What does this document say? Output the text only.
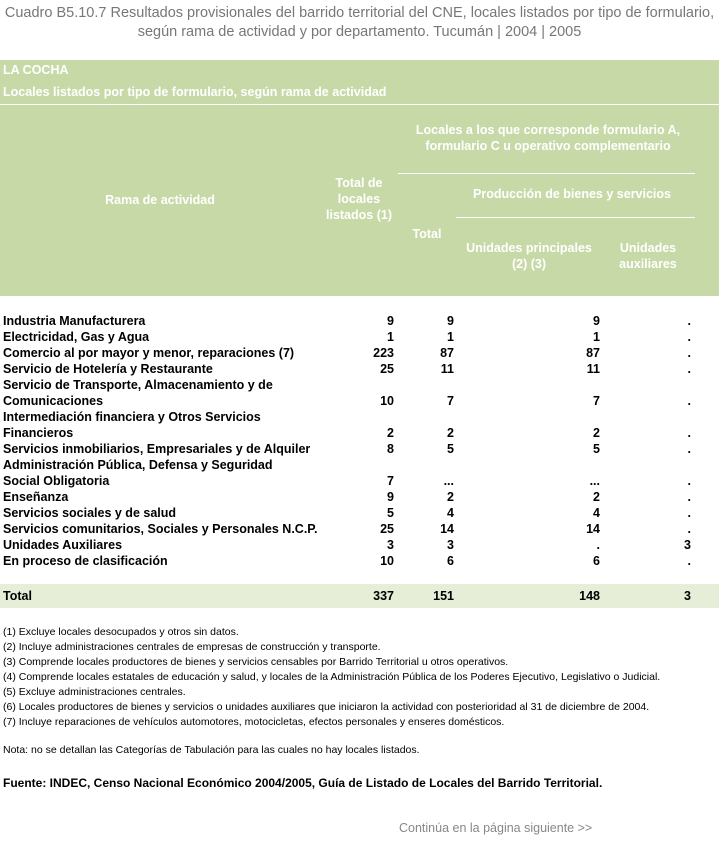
Cuadro B5.10.7 Resultados provisionales del barrido territorial del CNE, locales listados por tipo de formulario,
según rama de actividad y por departamento. Tucumán | 2004 | 2005
LA COCHA
Locales listados por tipo de formulario, según rama de actividad
Rama de actividad
Total de
locales
listados (1)
Locales a los que corresponde formulario A,
formulario C u operativo complementario
Total
Producción de bienes y servicios
Unidades principales
(2) (3)
Unidades
auxiliares
Industria Manufacturera	9	9	9	.
Electricidad, Gas y Agua	1	1	1	.
Comercio al por mayor y menor, reparaciones (7)	223	87	87	.
Servicio de Hotelería y Restaurante	25	11	11	.
Servicio de Transporte, Almacenamiento y de Comunicaciones	10	7	7	.
Intermediación financiera y Otros Servicios Financieros	2	2	2	.
Servicios inmobiliarios, Empresariales y de Alquiler	8	5	5	.
Administración Pública, Defensa y Seguridad Social Obligatoria	7	...	...	.
Enseñanza	9	2	2	.
Servicios sociales y de salud	5	4	4	.
Servicios comunitarios, Sociales y Personales N.C.P.	25	14	14	.
Unidades Auxiliares	3	3	.	3
En proceso de clasificación	10	6	6	.
Total	337	151	148	3
(1) Excluye locales desocupados y otros sin datos.
(2) Incluye administraciones centrales de empresas de construcción y transporte.
(3) Comprende locales productores de bienes y servicios censables por Barrido Territorial u otros operativos.
(4) Comprende locales estatales de educación y salud, y locales de la Administración Pública de los Poderes Ejecutivo, Legislativo o Judicial.
(5) Excluye administraciones centrales.
(6) Locales productores de bienes y servicios o unidades auxiliares que iniciaron la actividad con posterioridad al 31 de diciembre de 2004.
(7) Incluye reparaciones de vehículos automotores, motocicletas, efectos personales y enseres domésticos.
Nota: no se detallan las Categorías de Tabulación para las cuales no hay locales listados.
Fuente: INDEC, Censo Nacional Económico 2004/2005, Guía de Listado de Locales del Barrido Territorial.
Continúa en la página siguiente >>
